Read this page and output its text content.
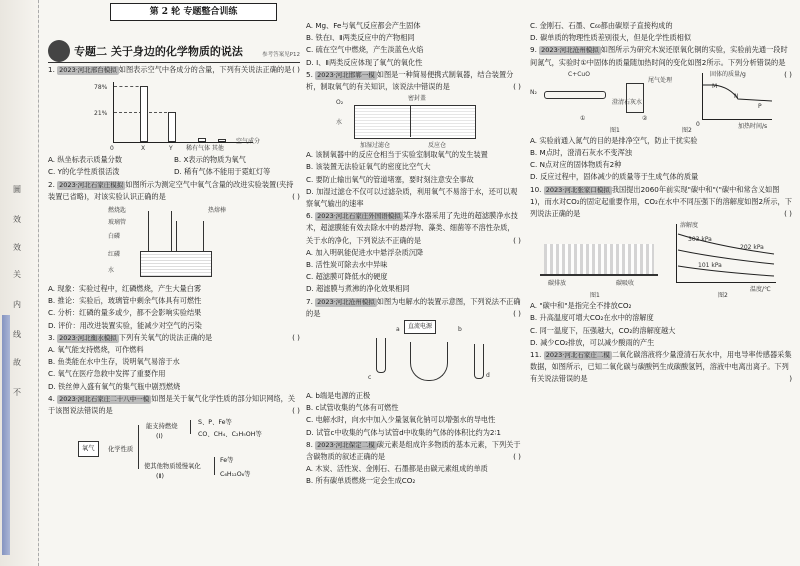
圖
效
效
关
内
线
故
不
第 2 轮 专题整合训练
专题二 关于身边的化学物质的说法	参考答案见P12

1. 2023·河北邢台模拟 如图表示空气中各成分的含量，下列有关说法正确的是 ( )

78%
21%
0	X	Y 稀有气体 其他
空气成分

A. 纵坐标表示质量分数	B. X表示的物质为氧气
C. Y的化学性质很活泼	D. 稀有气体不能用于霓虹灯等

2. 2023·河北石家庄模拟 如图所示为测定空气中氧气含量的改进实验装置(夹持装置已省略)，对该实验认识正确的是	( )

燃烧匙
玻璃管
白磷
红磷
水
热熔棒

A. 现象：实验过程中，红磷燃烧，产生大量白雾

B. 推论：实验后，玻璃管中剩余气体具有可燃性

C. 分析：红磷的量多或少，都不会影响实验结果

D. 评价：用改进装置实验，能减少对空气的污染

3. 2023·河北衡水模拟 下列有关氧气的说法正确的是	( )

A. 氧气能支持燃烧，可作燃料

B. 鱼类能在水中生存，说明氧气易溶于水

C. 氧气在医疗急救中发挥了重要作用

D. 铁丝伸入盛有氧气的集气瓶中剧烈燃烧

4. 2023·河北石家庄二十八中一模 如图是关于氧气化学性质的部分知识网络，关于该图说法错误的是	( )

氧气	化学性质
能支持燃烧
(Ⅰ)
使其他物质缓慢氧化
(Ⅱ)
S、P、Fe等
CO、CH₄、C₂H₅OH等
Fe等
C₆H₁₂O₆等

A. Mg、Fe与氧气反应都会产生固体

B. 铁在Ⅰ、Ⅱ两类反应中的产物相同

C. 硫在空气中燃烧，产生淡蓝色火焰

D. Ⅰ、Ⅱ两类反应体现了氧气的氧化性

5. 2023·河北邯郸一模 如图是一种简易便携式制氧器，结合装置分析，制取氧气的有关知识，该说法中错误的是	( )

密封盖
O₂
水
加湿过滤仓	反应仓

A. 该制氧器中的反应仓相当于实验室制取氧气的发生装置

B. 该装置无法验证氧气的密度比空气大

C. 要防止输出氧气的管道堵塞，要时刻注意安全事故

D. 加湿过滤仓不仅可以过滤杂质，利用氧气不易溶于水，还可以观察氧气输出的速率

6. 2023·河北石家庄外国语模拟 某净水器采用了先进的超滤膜净水技术，超滤膜能有效去除水中的悬浮物、藻类、细菌等不溶性杂质，关于水的净化，下列说法不正确的是	( )

A. 加入明矾能促进水中悬浮杂质沉降

B. 活性炭可除去水中异味

C. 超滤膜可降低水的硬度

D. 超滤膜与煮沸的净化效果相同

7. 2023·河北沧州模拟 如图为电解水的装置示意图，下列说法不正确的是	( )

直流电源
a	b
c	d

A. b端是电源的正极

B. c试管收集的气体有可燃性

C. 电解水时，向水中加入少量氢氧化钠可以增强水的导电性

D. 试管c中收集的气体与试管d中收集的气体的体积比约为2∶1

8. 2023·河北保定二模 碳元素是组成许多物质的基本元素，下列关于含碳物质的叙述正确的是	( )

A. 木炭、活性炭、金刚石、石墨都是由碳元素组成的单质

B. 所有碳单质燃烧一定会生成CO₂

C. 金刚石、石墨、C₆₀都由碳原子直接构成的

D. 碳单质的物理性质差别很大，但是化学性质相似

9. 2023·河北沧州模拟 如图所示为研究木炭还原氧化铜的实验，实验前先通一段时间氮气，实验时①中固体的质量随加热时间的变化如图2所示。下列分析错误的是
( )

C+CuO
N₂
澄清石灰水
①	②
尾气处理
图1
固体的质量/g
加热时间/s
M
N
P
0
图2

A. 实验前通入氮气的目的是排净空气，防止干扰实验

B. M点时，澄清石灰水不变浑浊

C. N点对应的固体物质有2种

D. 反应过程中，固体减少的质量等于生成气体的质量

10. 2023·河北张家口模拟 我国提出2060年前实现"碳中和"("碳中和常含义如图1)，而水对CO₂的固定起重要作用，CO₂在水中不同压强下的溶解度如图2所示，下列说法正确的是	( )

碳排放	碳吸收
图1
溶解度
温度/℃
303 kPa
202 kPa
101 kPa
图2

A. "碳中和"是指完全不排放CO₂

B. 升高温度可增大CO₂在水中的溶解度

C. 同一温度下，压强越大，CO₂的溶解度越大

D. 减少CO₂排放，可以减少酸雨的产生

11. 2023·河北石家庄二模 二氧化碳溶液将少量澄清石灰水中，用电导率传感器采集数据，如图所示，已知二氧化碳与碳酸钙生成碳酸氢钙，溶液中电离出离子。下列有关说法错误的是	)
